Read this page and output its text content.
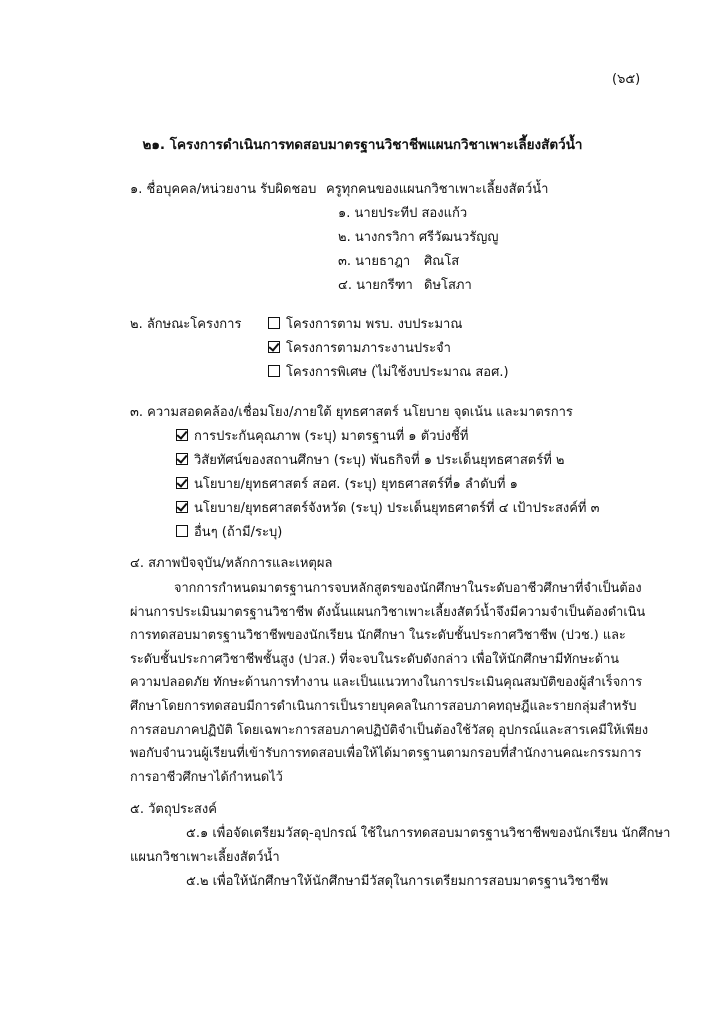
(๖๕)
๒๑. โครงการดำเนินการทดสอบมาตรฐานวิชาชีพแผนกวิชาเพาะเลี้ยงสัตว์น้ำ
๑. ชื่อบุคคล/หน่วยงาน รับผิดชอบ ครูทุกคนของแผนกวิชาเพาะเลี้ยงสัตว์น้ำ
๑. นายประทีป สองแก้ว
๒. นางกรวิกา ศรีวัฒนวรัญญู
๓. นายธาฎา ศิณโส
๔. นายกรีฑา ดิษโสภา
๒. ลักษณะโครงการ	โครงการตาม พรบ. งบประมาณ
โครงการตามภาระงานประจำ
โครงการพิเศษ (ไม่ใช้งบประมาณ สอศ.)
๓. ความสอดคล้อง/เชื่อมโยง/ภายใต้ ยุทธศาสตร์ นโยบาย จุดเน้น และมาตรการ
การประกันคุณภาพ (ระบุ) มาตรฐานที่ ๑ ตัวบ่งชี้ที่
วิสัยทัศน์ของสถานศึกษา (ระบุ) พันธกิจที่ ๑ ประเด็นยุทธศาสตร์ที่ ๒
นโยบาย/ยุทธศาสตร์ สอศ. (ระบุ) ยุทธศาสตร์ที่๑ ลำดับที่ ๑
นโยบาย/ยุทธศาสตร์จังหวัด (ระบุ) ประเด็นยุทธศาตร์ที่ ๔ เป้าประสงค์ที่ ๓
อื่นๆ (ถ้ามี/ระบุ)
๔. สภาพปัจจุบัน/หลักการและเหตุผล
จากการกำหนดมาตรฐานการจบหลักสูตรของนักศึกษาในระดับอาชีวศึกษาที่จำเป็นต้องผ่านการประเมินมาตรฐานวิชาชีพ ดังนั้นแผนกวิชาเพาะเลี้ยงสัตว์น้ำจึงมีความจำเป็นต้องดำเนินการทดสอบมาตรฐานวิชาชีพของนักเรียน นักศึกษา ในระดับชั้นประกาศวิชาชีพ (ปวช.) และระดับชั้นประกาศวิชาชีพชั้นสูง (ปวส.) ที่จะจบในระดับดังกล่าว เพื่อให้นักศึกษามีทักษะด้านความปลอดภัย ทักษะด้านการทำงาน และเป็นแนวทางในการประเมินคุณสมบัติของผู้สำเร็จการศึกษาโดยการทดสอบมีการดำเนินการเป็นรายบุคคลในการสอบภาคทฤษฎีและรายกลุ่มสำหรับการสอบภาคปฏิบัติ โดยเฉพาะการสอบภาคปฏิบัติจำเป็นต้องใช้วัสดุ อุปกรณ์และสารเคมีให้เพียงพอกับจำนวนผู้เรียนที่เข้ารับการทดสอบเพื่อให้ได้มาตรฐานตามกรอบที่สำนักงานคณะกรรมการการอาชีวศึกษาได้กำหนดไว้
๕. วัตถุประสงค์
๕.๑ เพื่อจัดเตรียมวัสดุ-อุปกรณ์ ใช้ในการทดสอบมาตรฐานวิชาชีพของนักเรียน นักศึกษา
แผนกวิชาเพาะเลี้ยงสัตว์น้ำ
๕.๒ เพื่อให้นักศึกษาให้นักศึกษามีวัสดุในการเตรียมการสอบมาตรฐานวิชาชีพ
